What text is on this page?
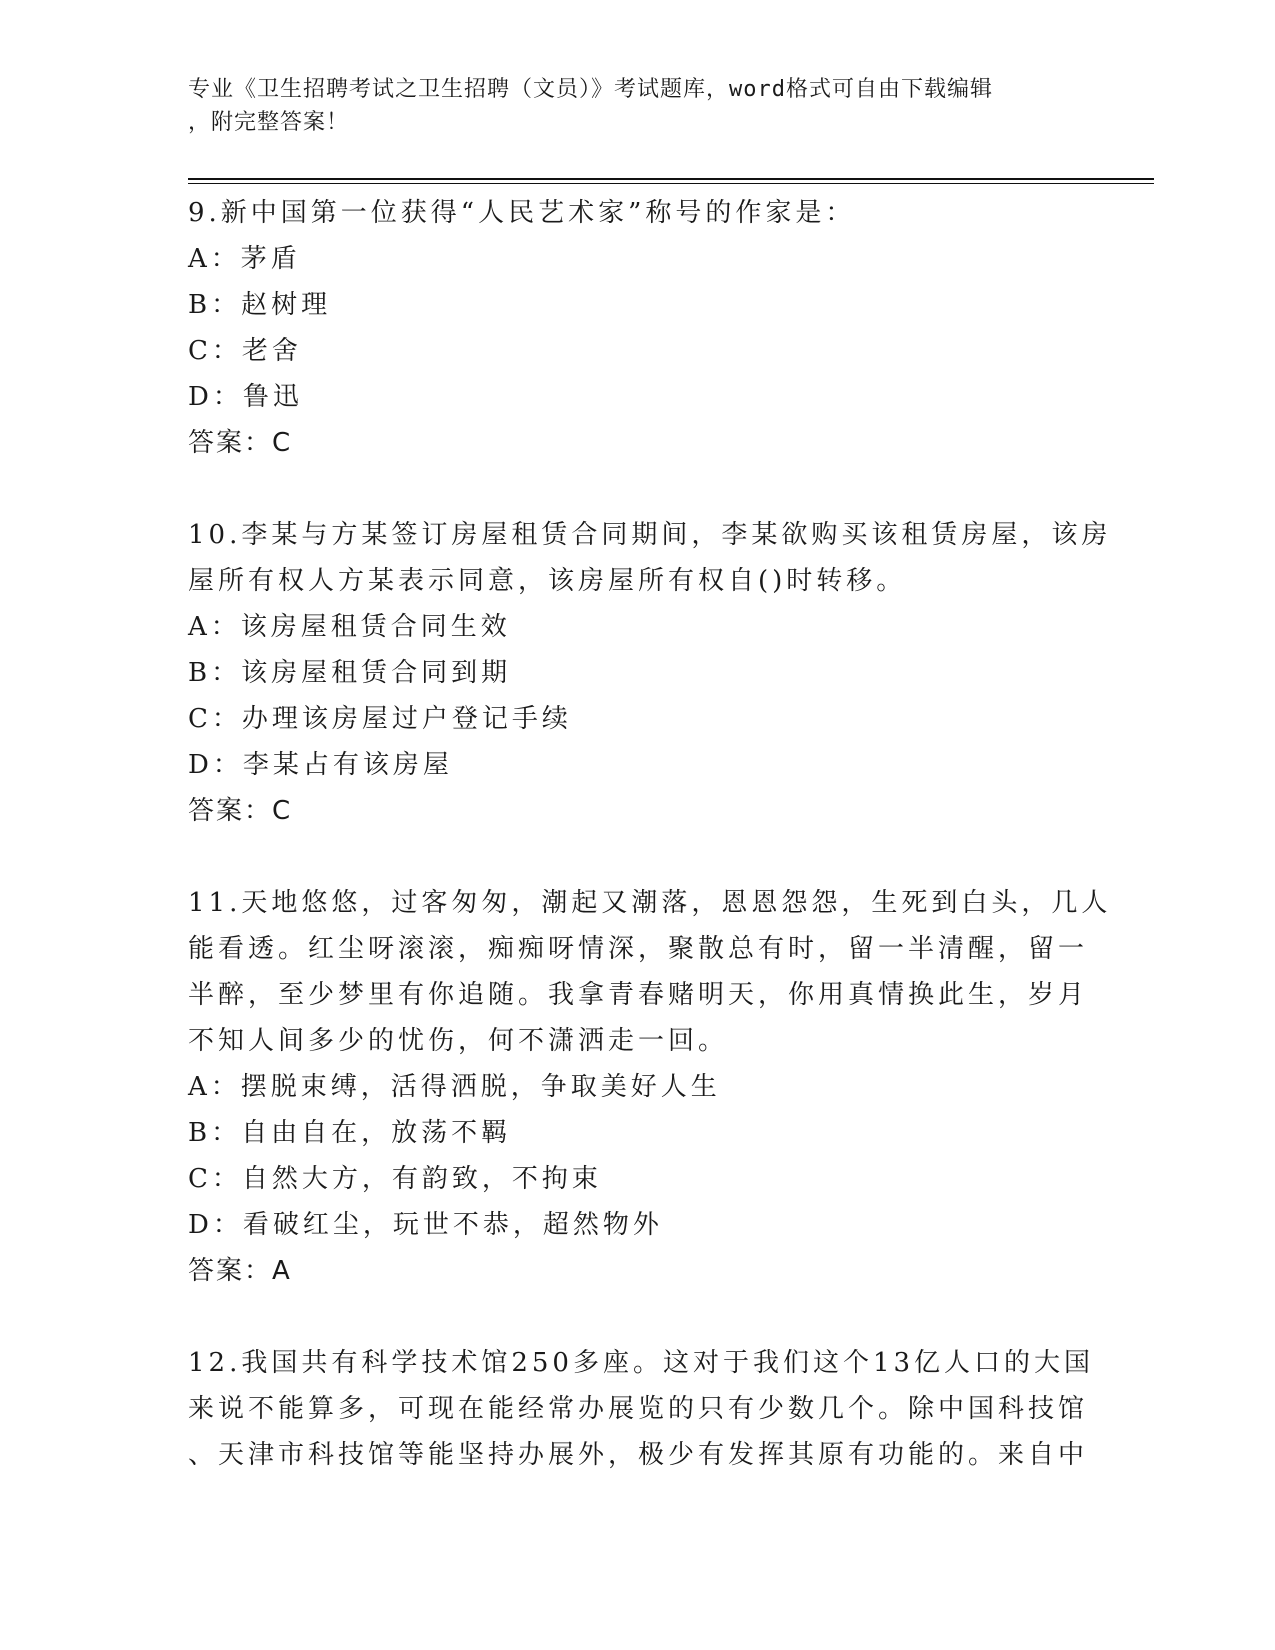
专业《卫生招聘考试之卫生招聘（文员）》考试题库，word格式可自由下载编辑
，附完整答案！
9.新中国第一位获得“人民艺术家”称号的作家是：
A：茅盾
B：赵树理
C：老舍
D：鲁迅
答案：C
10.李某与方某签订房屋租赁合同期间，李某欲购买该租赁房屋，该房
屋所有权人方某表示同意，该房屋所有权自()时转移。
A：该房屋租赁合同生效
B：该房屋租赁合同到期
C：办理该房屋过户登记手续
D：李某占有该房屋
答案：C
11.天地悠悠，过客匆匆，潮起又潮落，恩恩怨怨，生死到白头，几人
能看透。红尘呀滚滚，痴痴呀情深，聚散总有时，留一半清醒，留一
半醉，至少梦里有你追随。我拿青春赌明天，你用真情换此生，岁月
不知人间多少的忧伤，何不潇洒走一回。
A：摆脱束缚，活得洒脱，争取美好人生
B：自由自在，放荡不羁
C：自然大方，有韵致，不拘束
D：看破红尘，玩世不恭，超然物外
答案：A
12.我国共有科学技术馆250多座。这对于我们这个13亿人口的大国
来说不能算多，可现在能经常办展览的只有少数几个。除中国科技馆
、天津市科技馆等能坚持办展外，极少有发挥其原有功能的。来自中
